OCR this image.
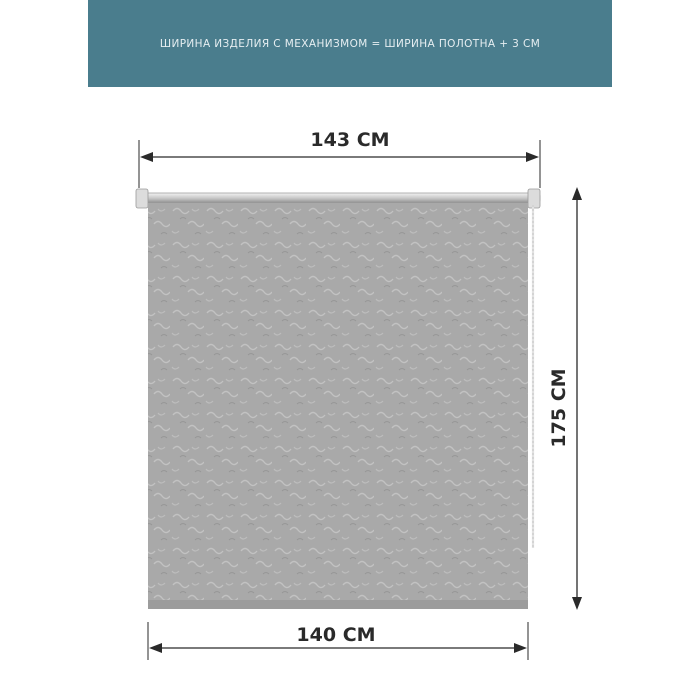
ШИРИНА ИЗДЕЛИЯ С МЕХАНИЗМОМ = ШИРИНА ПОЛОТНА + 3 СМ
143 СМ
175 СМ
140 СМ
